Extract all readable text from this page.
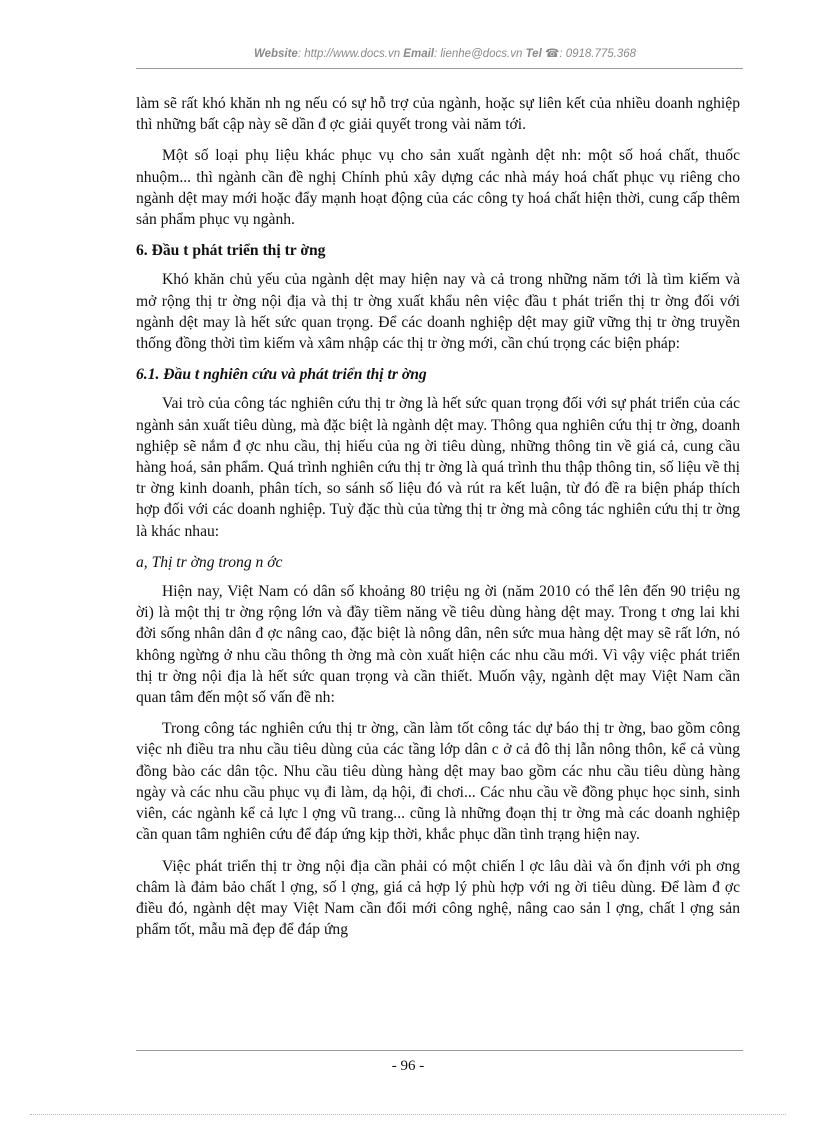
Website: http://www.docs.vn Email: lienhe@docs.vn Tel ☎: 0918.775.368

làm sẽ rất khó khăn nh ng nếu có sự hỗ trợ của ngành, hoặc sự liên kết của nhiều doanh nghiệp thì những bất cập này sẽ dần đ ợc giải quyết trong vài năm tới.

Một số loại phụ liệu khác phục vụ cho sản xuất ngành dệt nh: một số hoá chất, thuốc nhuộm... thì ngành cần đề nghị Chính phủ xây dựng các nhà máy hoá chất phục vụ riêng cho ngành dệt may mới hoặc đẩy mạnh hoạt động của các công ty hoá chất hiện thời, cung cấp thêm sản phẩm phục vụ ngành.

6. Đầu t phát triển thị tr ờng

Khó khăn chủ yếu của ngành dệt may hiện nay và cả trong những năm tới là tìm kiếm và mở rộng thị tr ờng nội địa và thị tr ờng xuất khẩu nên việc đầu t phát triển thị tr ờng đối với ngành dệt may là hết sức quan trọng. Để các doanh nghiệp dệt may giữ vững thị tr ờng truyền thống đồng thời tìm kiếm và xâm nhập các thị tr ờng mới, cần chú trọng các biện pháp:

6.1. Đầu t nghiên cứu và phát triển thị tr ờng

Vai trò của công tác nghiên cứu thị tr ờng là hết sức quan trọng đối với sự phát triển của các ngành sản xuất tiêu dùng, mà đặc biệt là ngành dệt may. Thông qua nghiên cứu thị tr ờng, doanh nghiệp sẽ nắm đ ợc nhu cầu, thị hiếu của ng ời tiêu dùng, những thông tin về giá cả, cung cầu hàng hoá, sản phẩm. Quá trình nghiên cứu thị tr ờng là quá trình thu thập thông tin, số liệu về thị tr ờng kinh doanh, phân tích, so sánh số liệu đó và rút ra kết luận, từ đó đề ra biện pháp thích hợp đối với các doanh nghiệp. Tuỳ đặc thù của từng thị tr ờng mà công tác nghiên cứu thị tr ờng là khác nhau:

a, Thị tr ờng trong n ớc

Hiện nay, Việt Nam có dân số khoảng 80 triệu ng ời (năm 2010 có thể lên đến 90 triệu ng ời) là một thị tr ờng rộng lớn và đầy tiềm năng về tiêu dùng hàng dệt may. Trong t ơng lai khi đời sống nhân dân đ ợc nâng cao, đặc biệt là nông dân, nên sức mua hàng dệt may sẽ rất lớn, nó không ngừng ở nhu cầu thông th ờng mà còn xuất hiện các nhu cầu mới. Vì vậy việc phát triển thị tr ờng nội địa là hết sức quan trọng và cần thiết. Muốn vậy, ngành dệt may Việt Nam cần quan tâm đến một số vấn đề nh:

Trong công tác nghiên cứu thị tr ờng, cần làm tốt công tác dự báo thị tr ờng, bao gồm công việc nh điều tra nhu cầu tiêu dùng của các tầng lớp dân c ở cả đô thị lẫn nông thôn, kể cả vùng đồng bào các dân tộc. Nhu cầu tiêu dùng hàng dệt may bao gồm các nhu cầu tiêu dùng hàng ngày và các nhu cầu phục vụ đi làm, dạ hội, đi chơi... Các nhu cầu về đồng phục học sinh, sinh viên, các ngành kể cả lực l ợng vũ trang... cũng là những đoạn thị tr ờng mà các doanh nghiệp cần quan tâm nghiên cứu để đáp ứng kịp thời, khắc phục dần tình trạng hiện nay.

Việc phát triển thị tr ờng nội địa cần phải có một chiến l ợc lâu dài và ổn định với ph ơng châm là đảm bảo chất l ợng, số l ợng, giá cả hợp lý phù hợp với ng ời tiêu dùng. Để làm đ ợc điều đó, ngành dệt may Việt Nam cần đổi mới công nghệ, nâng cao sản l ợng, chất l ợng sản phẩm tốt, mẫu mã đẹp để đáp ứng

- 96 -
